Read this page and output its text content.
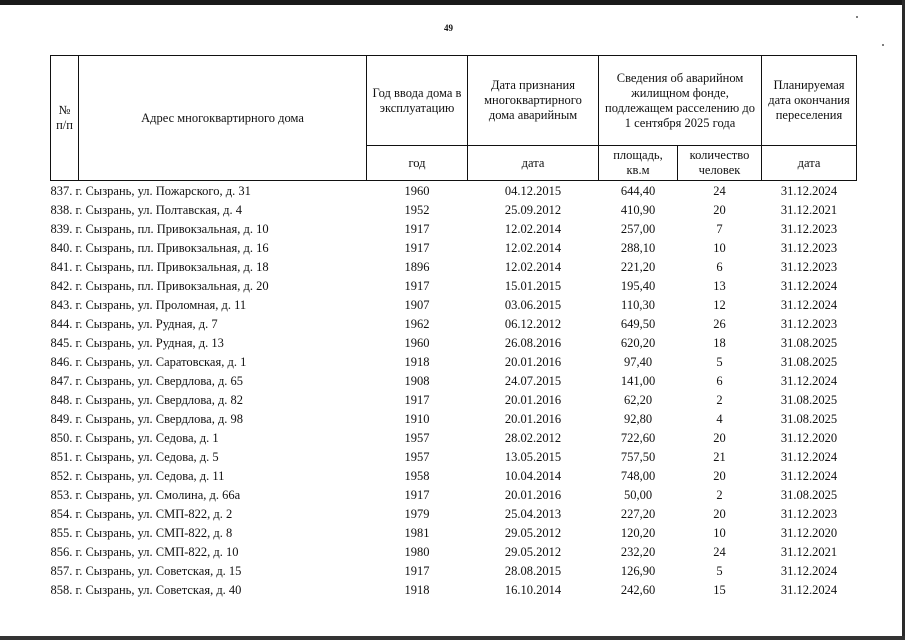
49
№ п/п	Адрес многоквартирного дома	Год ввода дома в эксплуатацию	Дата признания многоквартирного дома аварийным	Сведения об аварийном жилищном фонде, подлежащем расселению до 1 сентября 2025 года		Планируемая дата окончания переселения
		год	дата	площадь, кв.м	количество человек	дата
837. г. Сызрань, ул. Пожарского, д. 31		1960	04.12.2015	644,40	24	31.12.2024
838. г. Сызрань, ул. Полтавская, д. 4		1952	25.09.2012	410,90	20	31.12.2021
839. г. Сызрань, пл. Привокзальная, д. 10		1917	12.02.2014	257,00	7	31.12.2023
840. г. Сызрань, пл. Привокзальная, д. 16		1917	12.02.2014	288,10	10	31.12.2023
841. г. Сызрань, пл. Привокзальная, д. 18		1896	12.02.2014	221,20	6	31.12.2023
842. г. Сызрань, пл. Привокзальная, д. 20		1917	15.01.2015	195,40	13	31.12.2024
843. г. Сызрань, ул. Проломная, д. 11		1907	03.06.2015	110,30	12	31.12.2024
844. г. Сызрань, ул. Рудная, д. 7		1962	06.12.2012	649,50	26	31.12.2023
845. г. Сызрань, ул. Рудная, д. 13		1960	26.08.2016	620,20	18	31.08.2025
846. г. Сызрань, ул. Саратовская, д. 1		1918	20.01.2016	97,40	5	31.08.2025
847. г. Сызрань, ул. Свердлова, д. 65		1908	24.07.2015	141,00	6	31.12.2024
848. г. Сызрань, ул. Свердлова, д. 82		1917	20.01.2016	62,20	2	31.08.2025
849. г. Сызрань, ул. Свердлова, д. 98		1910	20.01.2016	92,80	4	31.08.2025
850. г. Сызрань, ул. Седова, д. 1		1957	28.02.2012	722,60	20	31.12.2020
851. г. Сызрань, ул. Седова, д. 5		1957	13.05.2015	757,50	21	31.12.2024
852. г. Сызрань, ул. Седова, д. 11		1958	10.04.2014	748,00	20	31.12.2024
853. г. Сызрань, ул. Смолина, д. 66а		1917	20.01.2016	50,00	2	31.08.2025
854. г. Сызрань, ул. СМП-822, д. 2		1979	25.04.2013	227,20	20	31.12.2023
855. г. Сызрань, ул. СМП-822, д. 8		1981	29.05.2012	120,20	10	31.12.2020
856. г. Сызрань, ул. СМП-822, д. 10		1980	29.05.2012	232,20	24	31.12.2021
857. г. Сызрань, ул. Советская, д. 15		1917	28.08.2015	126,90	5	31.12.2024
858. г. Сызрань, ул. Советская, д. 40		1918	16.10.2014	242,60	15	31.12.2024
